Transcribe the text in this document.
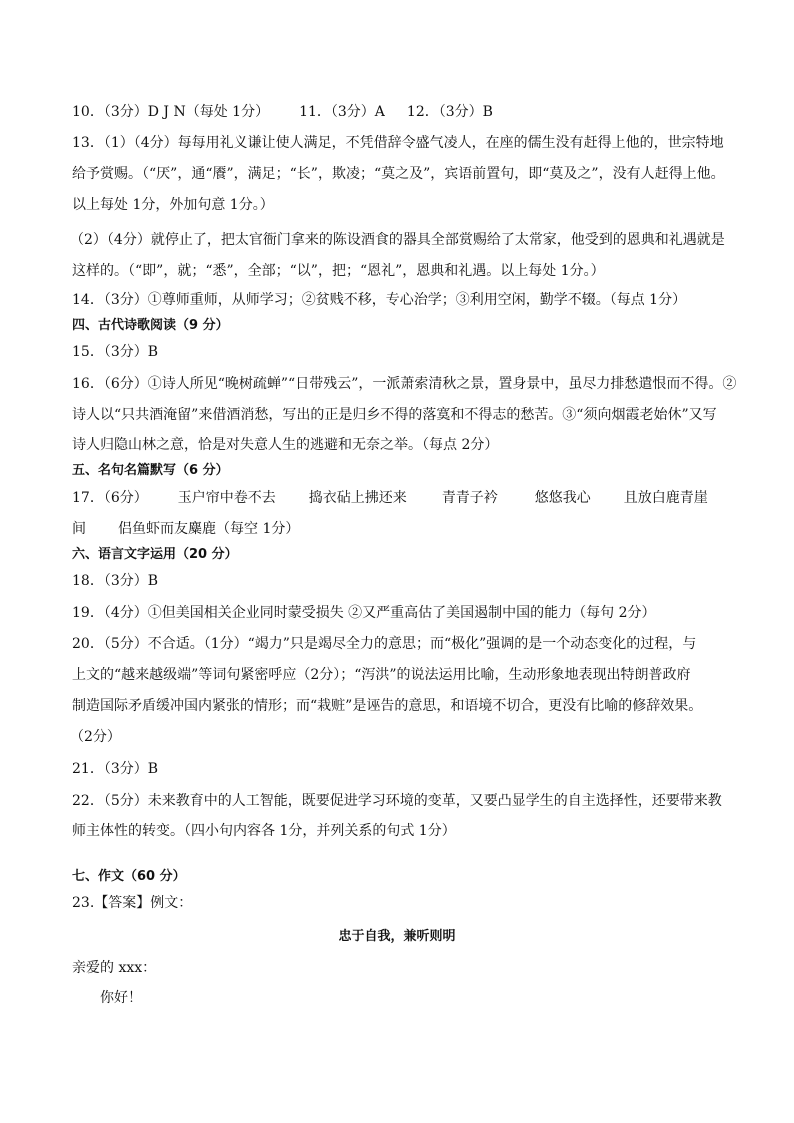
10．（3分）D J N（每处 1分） 11．（3分）A 12．（3分）B
13．（1）（4分）每每用礼义谦让使人满足，不凭借辞令盛气凌人，在座的儒生没有赶得上他的，世宗特地
给予赏赐。（“厌”，通“餍”，满足；“长”，欺凌；“莫之及”，宾语前置句，即“莫及之”，没有人赶得上他。
以上每处 1分，外加句意 1分。）
（2）（4分）就停止了，把太官衙门拿来的陈设酒食的器具全部赏赐给了太常家，他受到的恩典和礼遇就是
这样的。（“即”，就；“悉”，全部；“以”，把；“恩礼”，恩典和礼遇。以上每处 1分。）
14．（3分）①尊师重师，从师学习；②贫贱不移，专心治学；③利用空闲，勤学不辍。（每点 1分）
四、古代诗歌阅读（9 分）
15．（3分）B
16．（6分）①诗人所见“晚树疏蝉”“日带残云”，一派萧索清秋之景，置身景中，虽尽力排愁遣恨而不得。②
诗人以“只共酒淹留”来借酒消愁，写出的正是归乡不得的落寞和不得志的愁苦。③“须向烟霞老始休”又写
诗人归隐山林之意，恰是对失意人生的逃避和无奈之举。（每点 2分）
五、名句名篇默写（6 分）
17．（6分） 玉户帘中卷不去 捣衣砧上拂还来	青青子衿	悠悠我心 且放白鹿青崖
间 侣鱼虾而友麋鹿（每空 1分）
六、语言文字运用（20 分）
18．（3分）B
19．（4分）①但美国相关企业同时蒙受损失 ②又严重高估了美国遏制中国的能力（每句 2分）
20．（5分）不合适。（1分）“竭力”只是竭尽全力的意思；而“极化”强调的是一个动态变化的过程，与
上文的“越来越级端”等词句紧密呼应（2分）；“泻洪”的说法运用比喻，生动形象地表现出特朗普政府
制造国际矛盾缓冲国内紧张的情形；而“栽赃”是诬告的意思，和语境不切合，更没有比喻的修辞效果。
（2分）
21．（3分）B
22．（5分）未来教育中的人工智能，既要促进学习环境的变革，又要凸显学生的自主选择性，还要带来教
师主体性的转变。（四小句内容各 1分，并列关系的句式 1分）
七、作文（60 分）
23.【答案】例文：
忠于自我，兼听则明
亲爱的 xxx：
你好！
